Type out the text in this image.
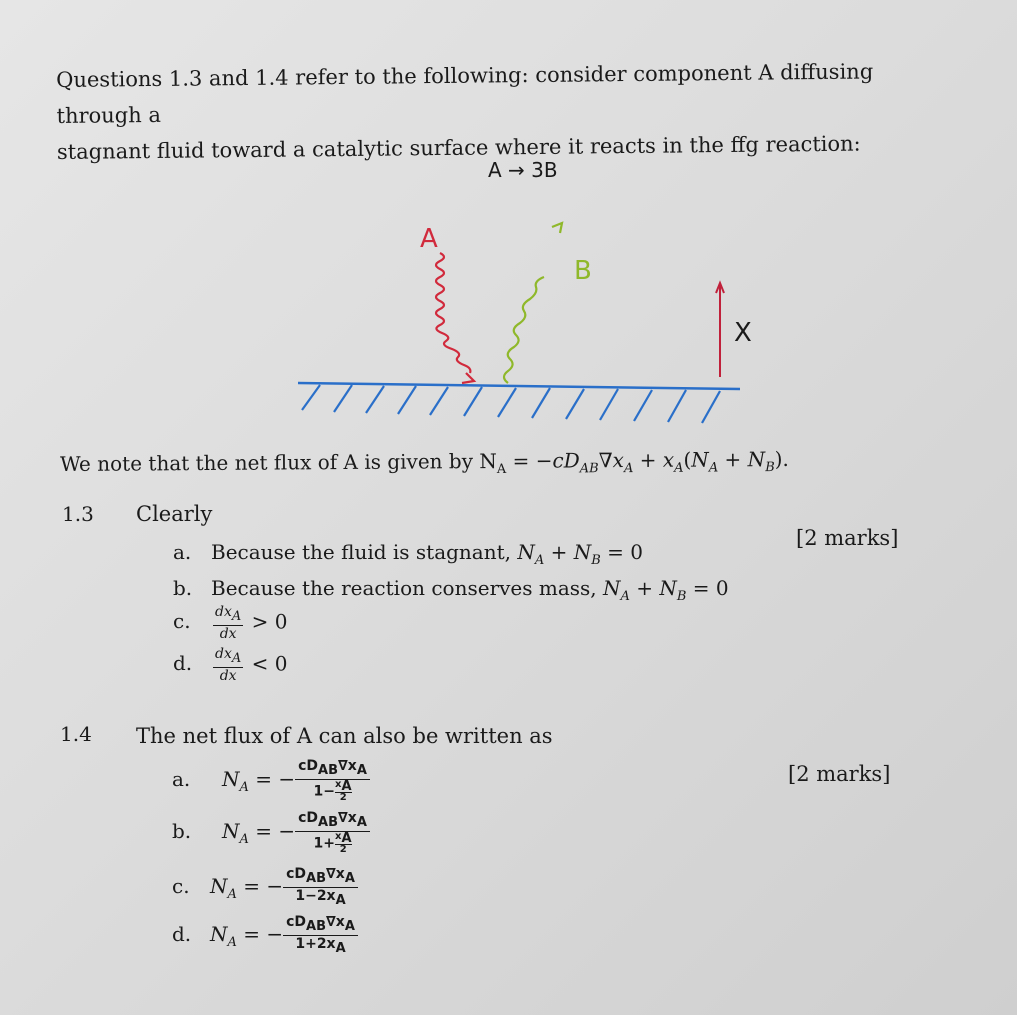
Questions 1.3 and 1.4 refer to the following: consider component A diffusing through a
stagnant fluid toward a catalytic surface where it reacts in the ffg reaction:
A → 3B
A
B
X
We note that the net flux of A is given by $N_A = -cD_{AB}\nabla x_A + x_A(N_A + N_B)$.
1.3 Clearly
[2 marks]
a. Because the fluid is stagnant, $N_A + N_B = 0$
b. Because the reaction conserves mass, $N_A + N_B = 0$
c. $\frac{dx_A}{dx} > 0$
d. $\frac{dx_A}{dx} < 0$
1.4 The net flux of A can also be written as
[2 marks]
a. $N_A$ = − $\frac{cD_{AB}\nabla x_A}{1- \frac{x_A}{2}}$
b. $N_A$ = − $\frac{cD_{AB}\nabla x_A}{1+ \frac{x_A}{2}}$
c. $N_A$ = − $\frac{cD_{AB}\nabla x_A}{1-2x_A}$
d. $N_A$ = − $\frac{cD_{AB}\nabla x_A}{1+2x_A}$
